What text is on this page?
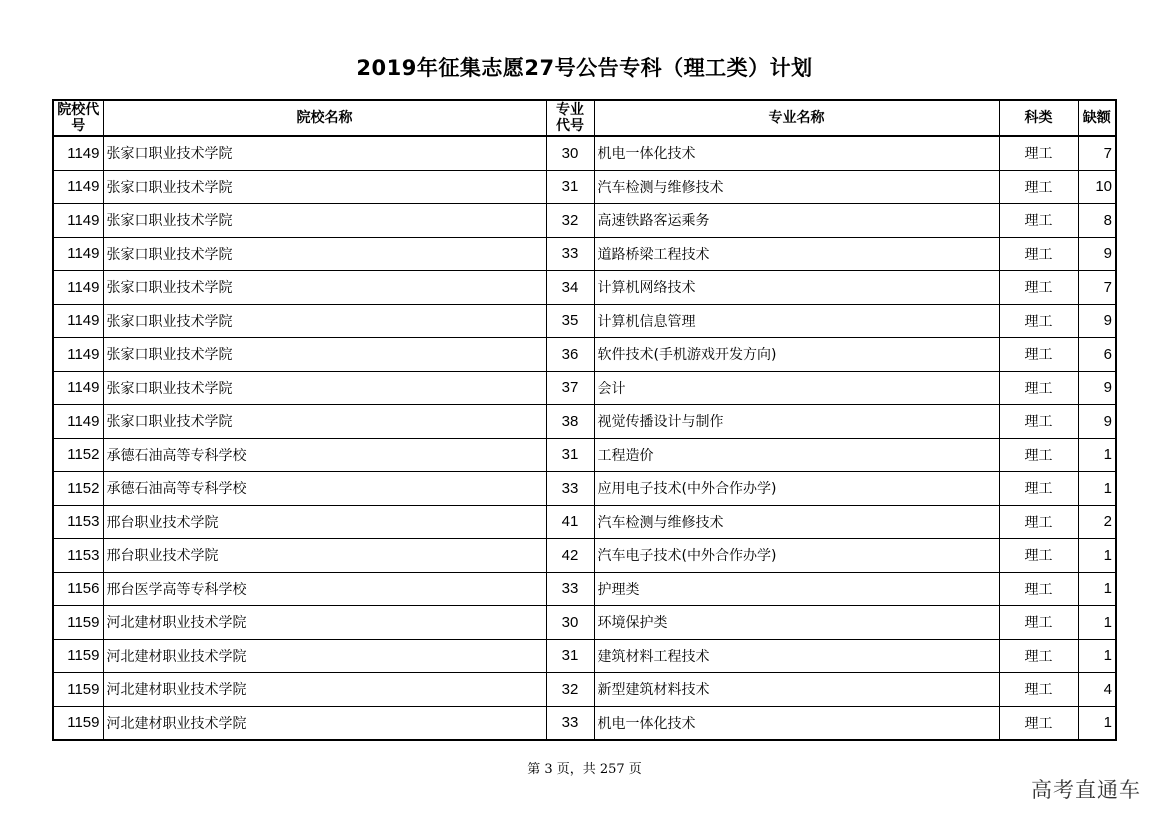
2019年征集志愿27号公告专科（理工类）计划
院校代号	院校名称	专业代号	专业名称	科类	缺额
1149	张家口职业技术学院	30	机电一体化技术	理工	7
1149	张家口职业技术学院	31	汽车检测与维修技术	理工	10
1149	张家口职业技术学院	32	高速铁路客运乘务	理工	8
1149	张家口职业技术学院	33	道路桥梁工程技术	理工	9
1149	张家口职业技术学院	34	计算机网络技术	理工	7
1149	张家口职业技术学院	35	计算机信息管理	理工	9
1149	张家口职业技术学院	36	软件技术(手机游戏开发方向)	理工	6
1149	张家口职业技术学院	37	会计	理工	9
1149	张家口职业技术学院	38	视觉传播设计与制作	理工	9
1152	承德石油高等专科学校	31	工程造价	理工	1
1152	承德石油高等专科学校	33	应用电子技术(中外合作办学)	理工	1
1153	邢台职业技术学院	41	汽车检测与维修技术	理工	2
1153	邢台职业技术学院	42	汽车电子技术(中外合作办学)	理工	1
1156	邢台医学高等专科学校	33	护理类	理工	1
1159	河北建材职业技术学院	30	环境保护类	理工	1
1159	河北建材职业技术学院	31	建筑材料工程技术	理工	1
1159	河北建材职业技术学院	32	新型建筑材料技术	理工	4
1159	河北建材职业技术学院	33	机电一体化技术	理工	1
第 3 页，共 257 页
高考直通车
